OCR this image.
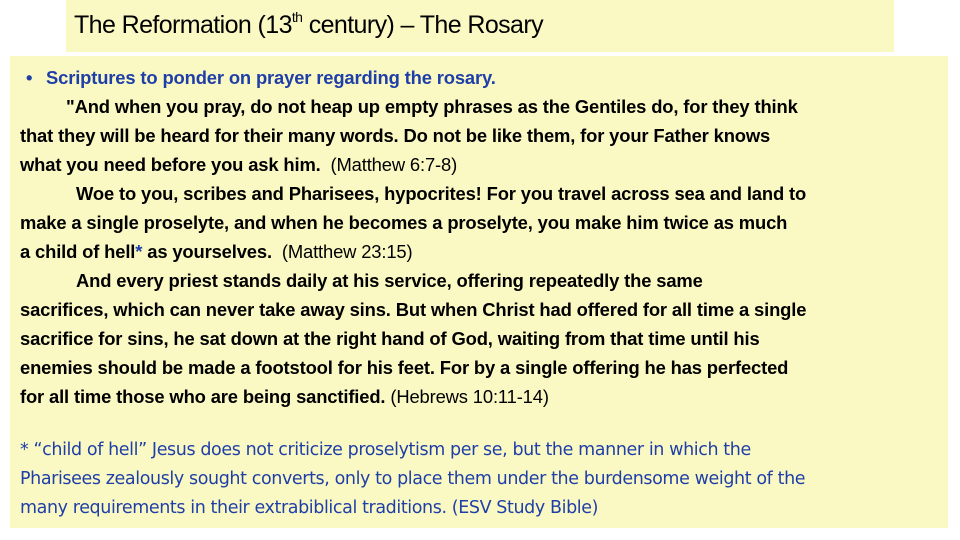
The Reformation (13th century) – The Rosary
• Scriptures to ponder on prayer regarding the rosary.
"And when you pray, do not heap up empty phrases as the Gentiles do, for they think
that they will be heard for their many words. Do not be like them, for your Father knows
what you need before you ask him. (Matthew 6:7-8)
Woe to you, scribes and Pharisees, hypocrites! For you travel across sea and land to
make a single proselyte, and when he becomes a proselyte, you make him twice as much
a child of hell* as yourselves. (Matthew 23:15)
And every priest stands daily at his service, offering repeatedly the same
sacrifices, which can never take away sins. But when Christ had offered for all time a single
sacrifice for sins, he sat down at the right hand of God, waiting from that time until his
enemies should be made a footstool for his feet. For by a single offering he has perfected
for all time those who are being sanctified. (Hebrews 10:11-14)
* “child of hell” Jesus does not criticize proselytism per se, but the manner in which the
Pharisees zealously sought converts, only to place them under the burdensome weight of the
many requirements in their extrabiblical traditions. (ESV Study Bible)
